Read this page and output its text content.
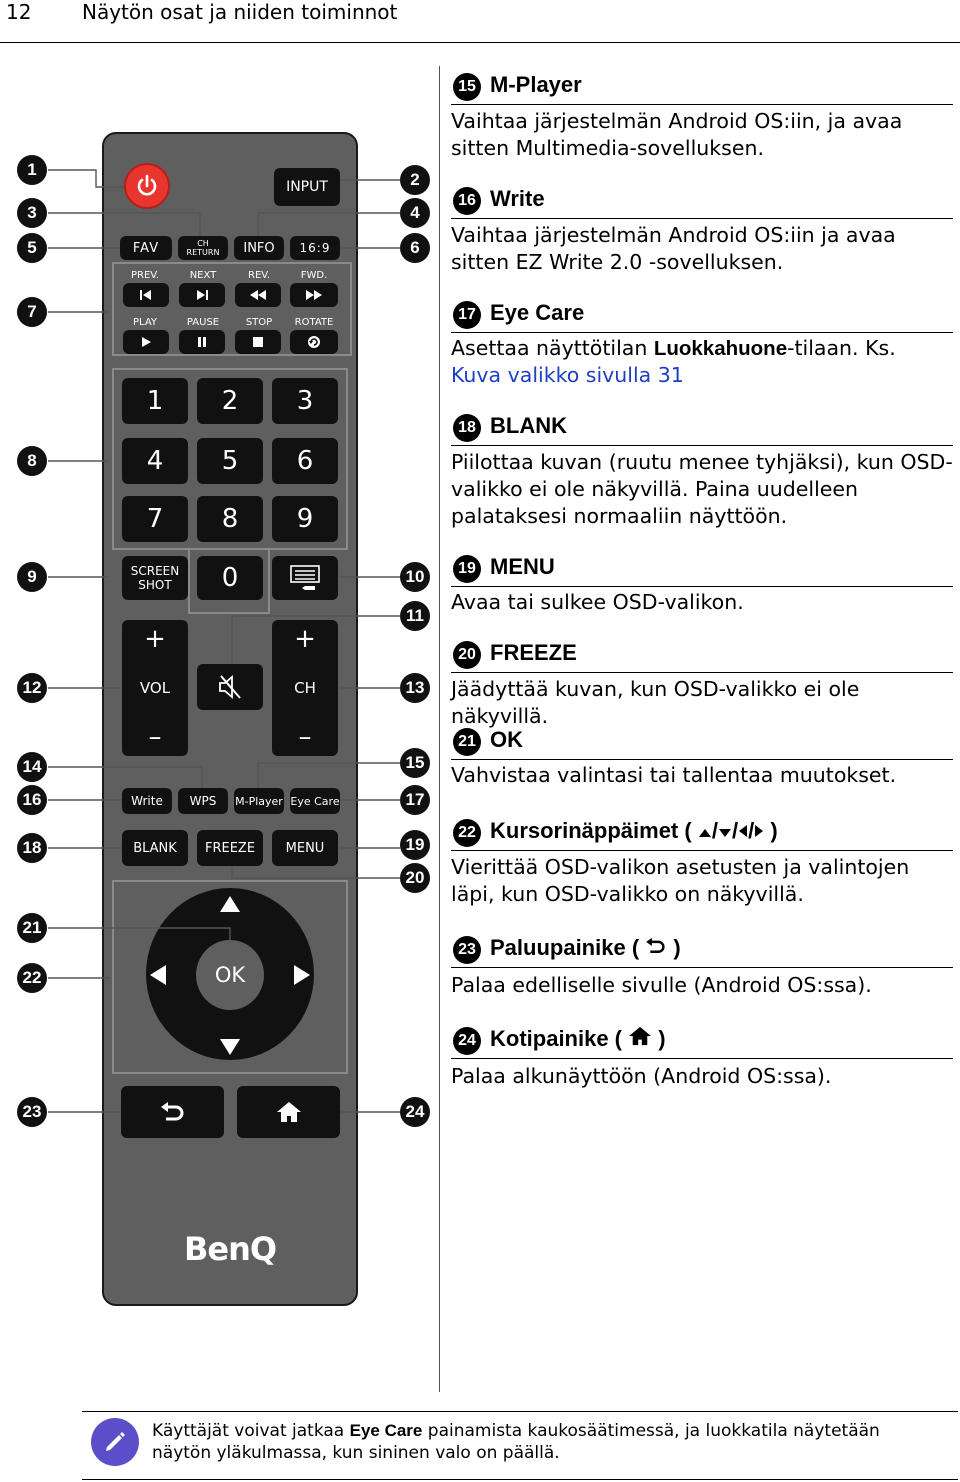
12	Näytön osat ja niiden toiminnot
INPUT
FAV	CH
RETURN	INFO	16:9
PREV.	NEXT	REV.	FWD.
PLAY	PAUSE	STOP	ROTATE
1	2	3
4	5	6
7	8	9
SCREEN
SHOT	0
+
VOL
–
+
CH
–
Write	WPS	M-Player Eye Care
BLANK	FREEZE	MENU
OK
BenQ
1
2
3	4
5	6
7
8
9	10
11
12	13
14	15
16	17
18	19
20
21
22
23	24
15 M-Player
Vaihtaa järjestelmän Android OS:iin, ja avaa sitten Multimedia-sovelluksen.
16 Write
Vaihtaa järjestelmän Android OS:iin ja avaa sitten EZ Write 2.0 -sovelluksen.
17 Eye Care
Asettaa näyttötilan Luokkahuone-tilaan. Ks.
Kuva valikko sivulla 31
18 BLANK
Piilottaa kuvan (ruutu menee tyhjäksi), kun OSD-valikko ei ole näkyvillä. Paina uudelleen palataksesi normaaliin näyttöön.
19 MENU
Avaa tai sulkee OSD-valikon.
20 FREEZE
Jäädyttää kuvan, kun OSD-valikko ei ole näkyvillä.
21 OK
Vahvistaa valintasi tai tallentaa muutokset.
22 Kursorinäppäimet ( / / / )
Vierittää OSD-valikon asetusten ja valintojen läpi, kun OSD-valikko on näkyvillä.
23 Paluupainike ( )
Palaa edelliselle sivulle (Android OS:ssa).
24 Kotipainike ( )
Palaa alkunäyttöön (Android OS:ssa).
Käyttäjät voivat jatkaa Eye Care painamista kaukosäätimessä, ja luokkatila näytetään näytön yläkulmassa, kun sininen valo on päällä.
